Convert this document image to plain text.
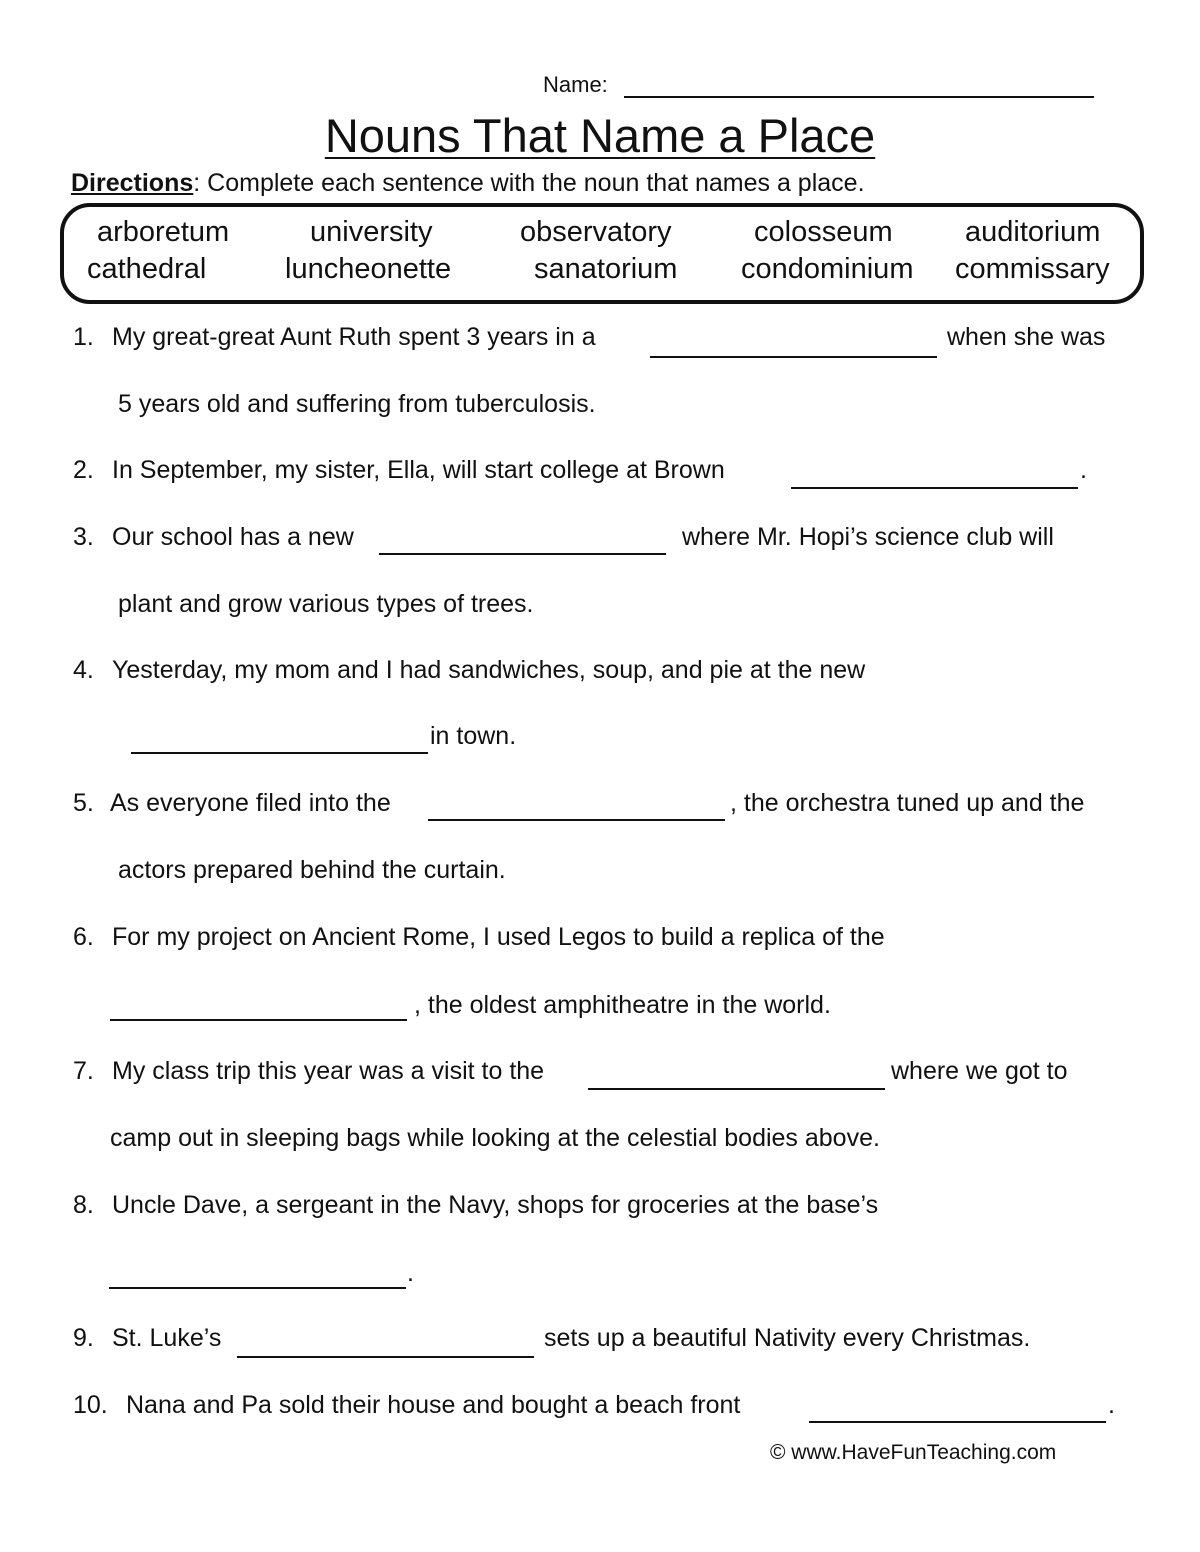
Name:
Nouns That Name a Place
Directions: Complete each sentence with the noun that names a place.
arboretum	university	observatory	colosseum auditorium
cathedral	luncheonette	sanatorium condominium commissary
1. My great-great Aunt Ruth spent 3 years in a	when she was
5 years old and suffering from tuberculosis.
2. In September, my sister, Ella, will start college at Brown	.
3. Our school has a new	where Mr. Hopi’s science club will
plant and grow various types of trees.
4. Yesterday, my mom and I had sandwiches, soup, and pie at the new
in town.
5. As everyone filed into the	, the orchestra tuned up and the
actors prepared behind the curtain.
6. For my project on Ancient Rome, I used Legos to build a replica of the
, the oldest amphitheatre in the world.
7. My class trip this year was a visit to the	where we got to
camp out in sleeping bags while looking at the celestial bodies above.
8. Uncle Dave, a sergeant in the Navy, shops for groceries at the base’s
.
9. St. Luke’s	sets up a beautiful Nativity every Christmas.
10. Nana and Pa sold their house and bought a beach front	.
© www.HaveFunTeaching.com
